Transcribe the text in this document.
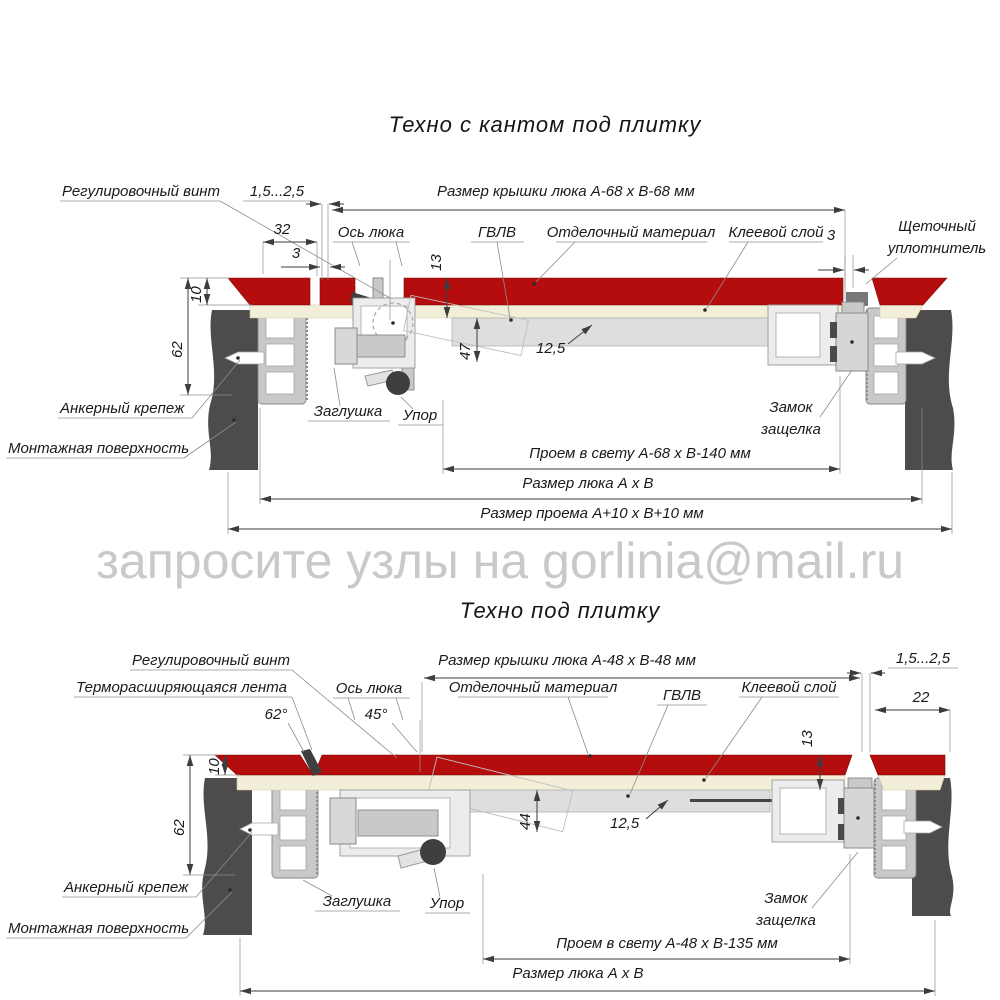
Техно с кантом под плитку
Регулировочный винт 1,5...2,5	Размер крышки люка А-68 х В-68 мм
32	Ось люка
3
ГВЛВ Отделочный материал Клеевой слой 3
Щеточный
уплотнитель
13
10
62	47	12,5
Заглушка Упор	Замок
защелка
Анкерный крепеж
Монтажная поверхность	Проем в свету А-68 х В-140 мм
Размер люка А х В
Размер проема А+10 х В+10 мм
запросите узлы на gorlinia@mail.ru
Техно под плитку
Регулировочный винт
Терморасширяющаяся лента
62°
Ось люка
45°
Размер крышки люка А-48 х В-48 мм
Отделочный материал	ГВЛВ	Клеевой слой
1,5...2,5
22
13
10
62	44	12,5
Заглушка	Упор
Анкерный крепеж
Монтажная поверхность
Замок
защелка
Проем в свету А-48 х В-135 мм
Размер люка А х В
